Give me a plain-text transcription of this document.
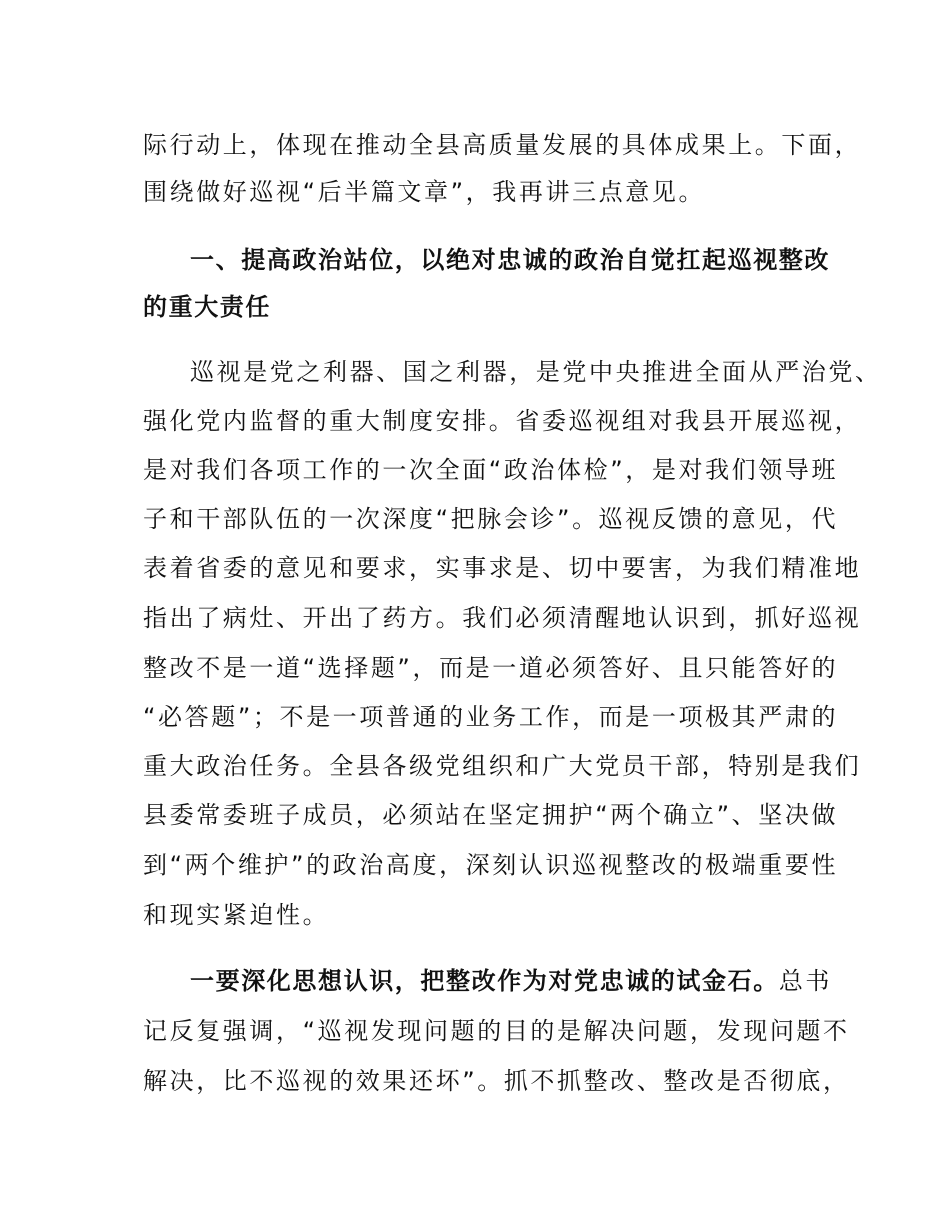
际行动上，体现在推动全县高质量发展的具体成果上。下面，
围绕做好巡视“后半篇文章”，我再讲三点意见。
一、提高政治站位，以绝对忠诚的政治自觉扛起巡视整改
的重大责任
巡视是党之利器、国之利器，是党中央推进全面从严治党、
强化党内监督的重大制度安排。省委巡视组对我县开展巡视，
是对我们各项工作的一次全面“政治体检”，是对我们领导班
子和干部队伍的一次深度“把脉会诊”。巡视反馈的意见，代
表着省委的意见和要求，实事求是、切中要害，为我们精准地
指出了病灶、开出了药方。我们必须清醒地认识到，抓好巡视
整改不是一道“选择题”，而是一道必须答好、且只能答好的
“必答题”；不是一项普通的业务工作，而是一项极其严肃的
重大政治任务。全县各级党组织和广大党员干部，特别是我们
县委常委班子成员，必须站在坚定拥护“两个确立”、坚决做
到“两个维护”的政治高度，深刻认识巡视整改的极端重要性
和现实紧迫性。
一要深化思想认识，把整改作为对党忠诚的试金石。总书
记反复强调，“巡视发现问题的目的是解决问题，发现问题不
解决，比不巡视的效果还坏”。抓不抓整改、整改是否彻底，
